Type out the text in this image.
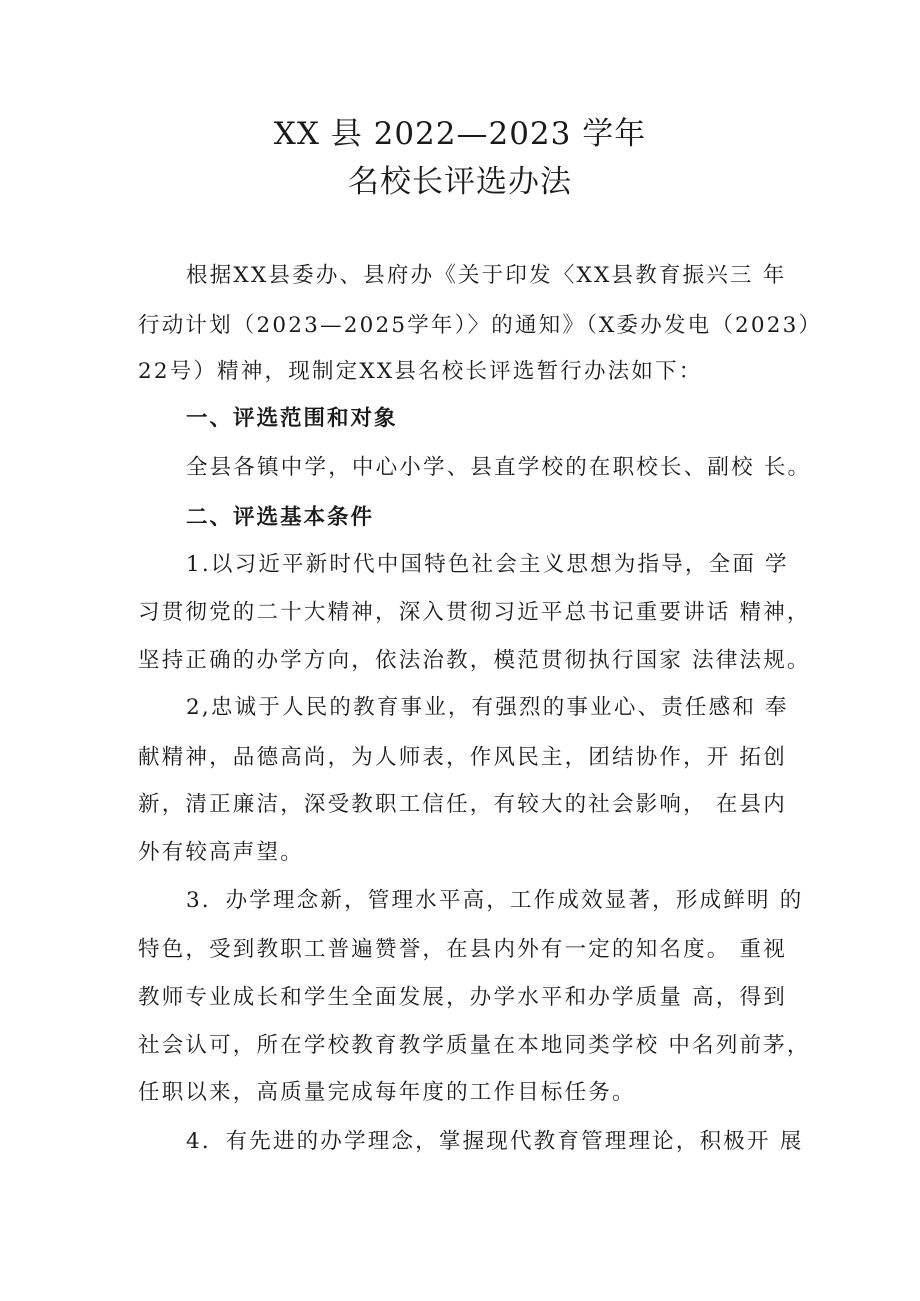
XX 县 2022—2023 学年
名校长评选办法
根据XX县委办、县府办《关于印发〈XX县教育振兴三 年
行动计划（2023—2025学年）〉的通知》（X委办发电（2023）
22号）精神，现制定XX县名校长评选暂行办法如下：
一、评选范围和对象
全县各镇中学，中心小学、县直学校的在职校长、副校 长。
二、评选基本条件
1.以习近平新时代中国特色社会主义思想为指导，全面 学
习贯彻党的二十大精神，深入贯彻习近平总书记重要讲话 精神，
坚持正确的办学方向，依法治教，模范贯彻执行国家 法律法规。
2,忠诚于人民的教育事业，有强烈的事业心、责任感和 奉
献精神，品德高尚，为人师表，作风民主，团结协作，开 拓创
新，清正廉洁，深受教职工信任，有较大的社会影响， 在县内
外有较高声望。
3．办学理念新，管理水平高，工作成效显著，形成鲜明 的
特色，受到教职工普遍赞誉，在县内外有一定的知名度。 重视
教师专业成长和学生全面发展，办学水平和办学质量 高，得到
社会认可，所在学校教育教学质量在本地同类学校 中名列前茅，
任职以来，高质量完成每年度的工作目标任务。
4．有先进的办学理念，掌握现代教育管理理论，积极开 展
